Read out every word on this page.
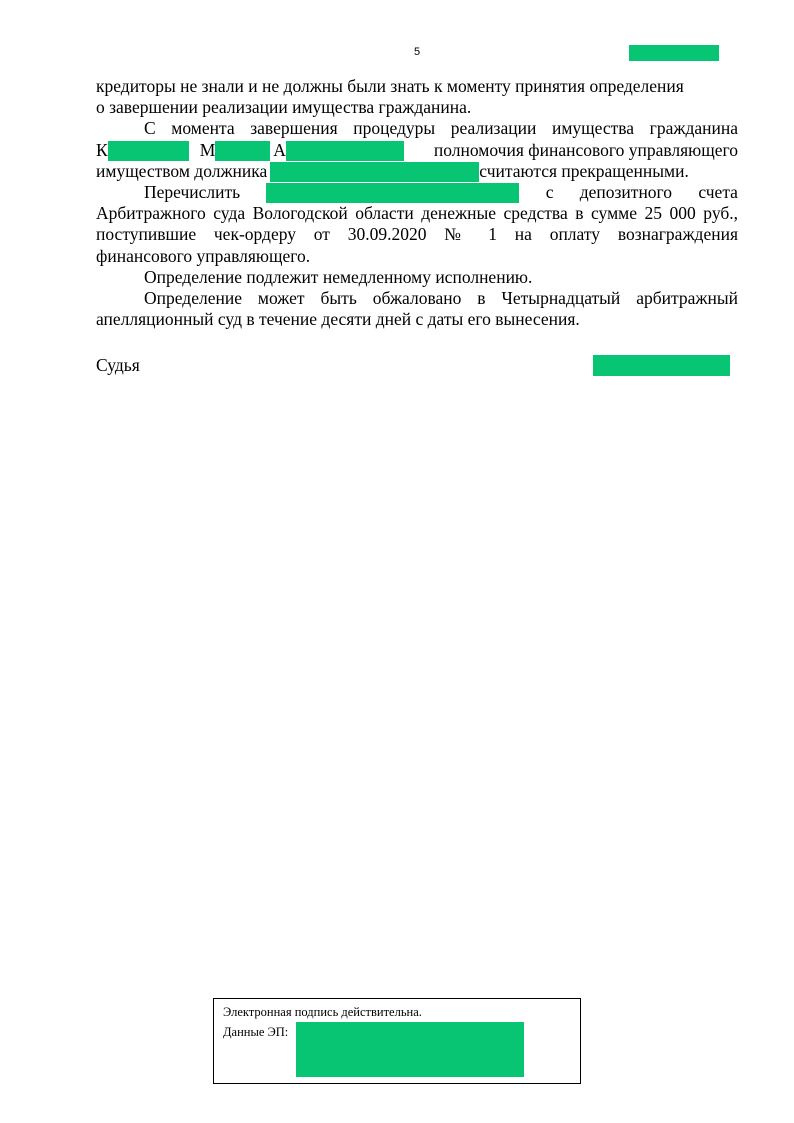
5

кредиторы не знали и не должны были знать к моменту принятия определения
о завершении реализации имущества гражданина.

С момента завершения процедуры реализации имущества гражданина
К	М	А	полномочия финансового управляющего
имуществом должника	считаются прекращенными.

Перечислить	с депозитного счета
Арбитражного суда Вологодской области денежные средства в сумме 25 000 руб.,
поступившие чек-ордеру от 30.09.2020 № 1 на оплату вознаграждения
финансового управляющего.

Определение подлежит немедленному исполнению.

Определение может быть обжаловано в Четырнадцатый арбитражный
апелляционный суд в течение десяти дней с даты его вынесения.

Судья
Электронная подпись действительна.
Данные ЭП:
